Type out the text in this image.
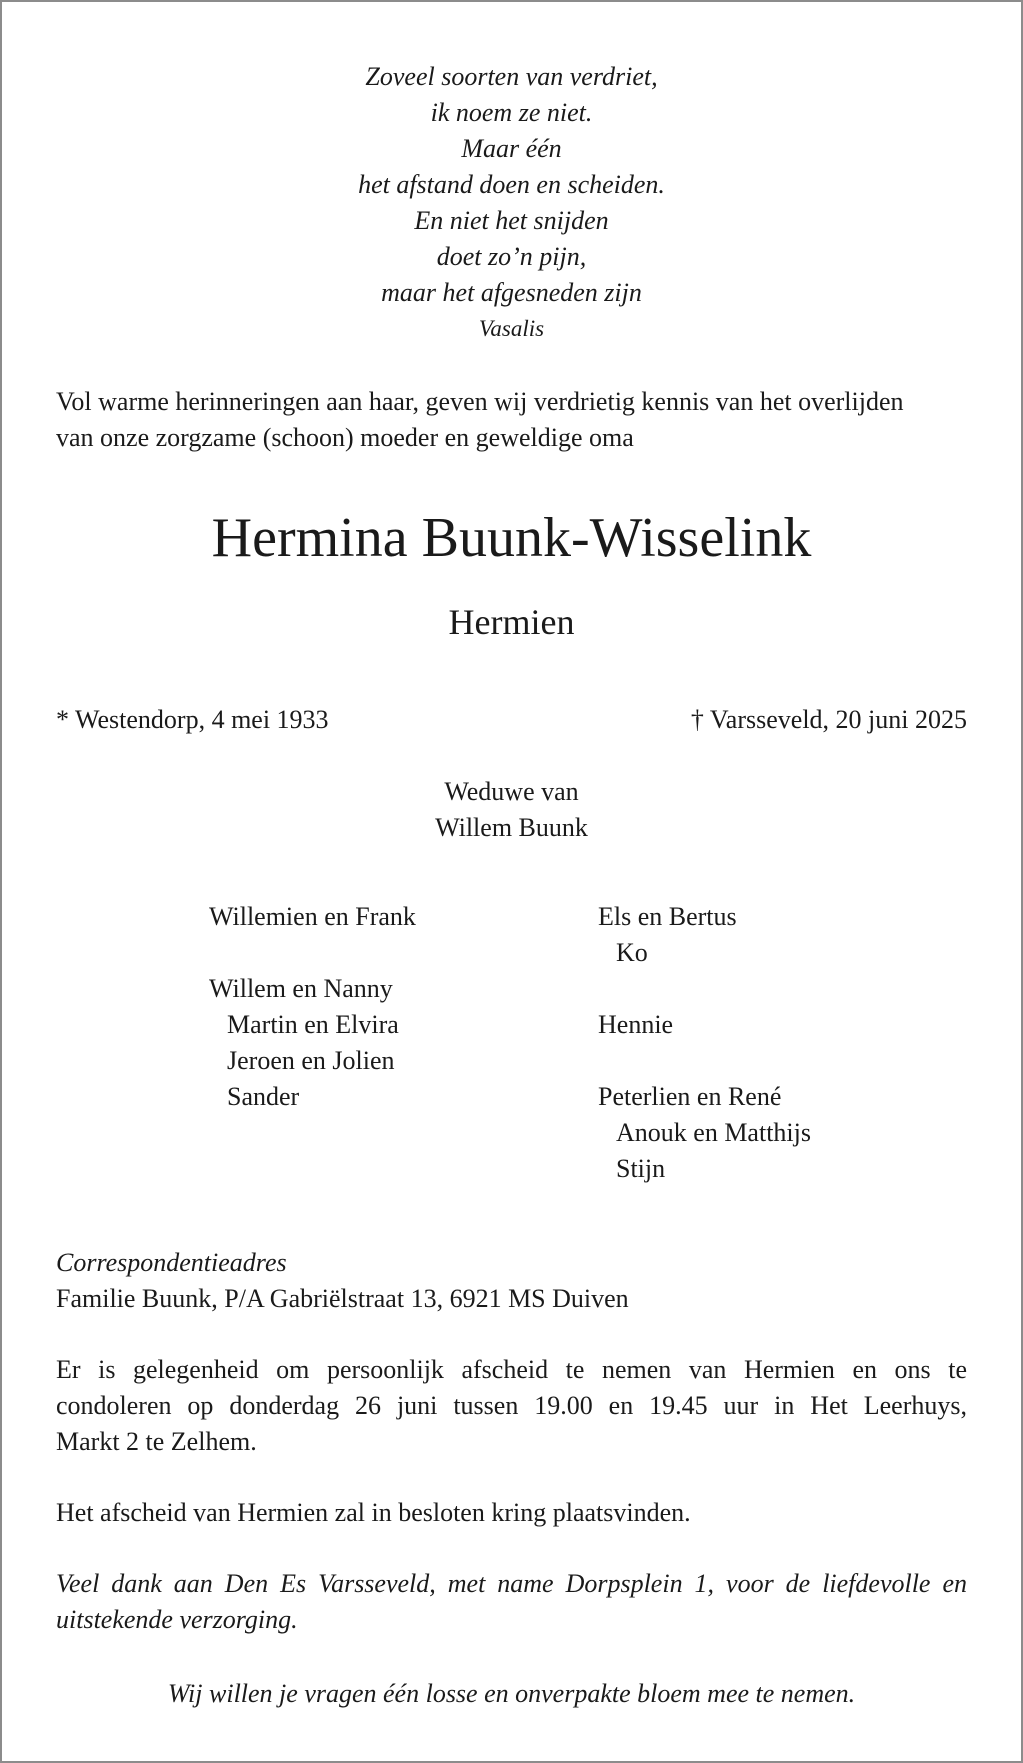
Zoveel soorten van verdriet,
ik noem ze niet.
Maar één
het afstand doen en scheiden.
En niet het snijden
doet zo’n pijn,
maar het afgesneden zijn
Vasalis
Vol warme herinneringen aan haar, geven wij verdrietig kennis van het overlijden
van onze zorgzame (schoon) moeder en geweldige oma
Hermina Buunk-Wisselink
Hermien
* Westendorp, 4 mei 1933	† Varsseveld, 20 juni 2025
Weduwe van
Willem Buunk
Willemien en Frank
Willem en Nanny
Martin en Elvira
Jeroen en Jolien
Sander
Els en Bertus
Ko
Hennie
Peterlien en René
Anouk en Matthijs
Stijn
Correspondentieadres
Familie Buunk, P/A Gabriëlstraat 13, 6921 MS Duiven
Er is gelegenheid om persoonlijk afscheid te nemen van Hermien en ons te
condoleren op donderdag 26 juni tussen 19.00 en 19.45 uur in Het Leerhuys,
Markt 2 te Zelhem.
Het afscheid van Hermien zal in besloten kring plaatsvinden.
Veel dank aan Den Es Varsseveld, met name Dorpsplein 1, voor de liefdevolle en
uitstekende verzorging.
Wij willen je vragen één losse en onverpakte bloem mee te nemen.
